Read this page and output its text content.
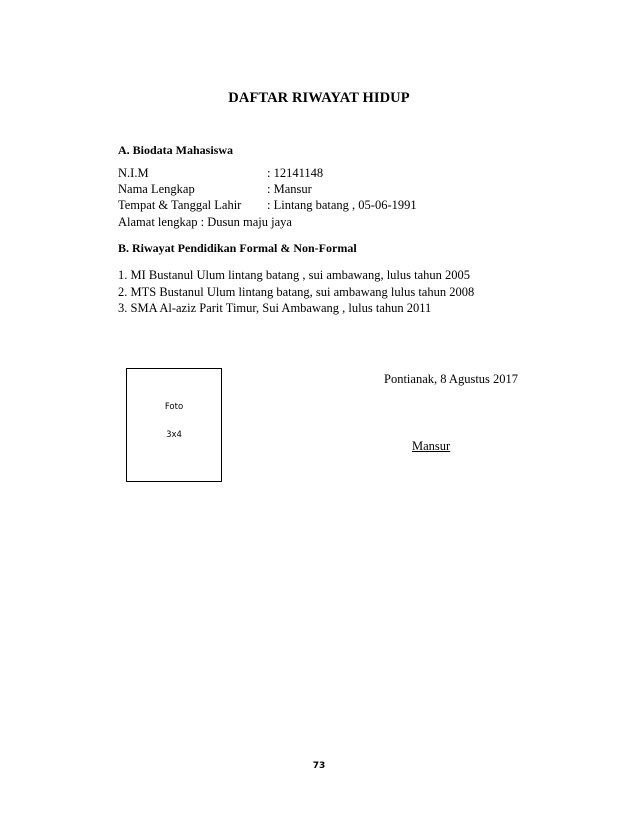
DAFTAR RIWAYAT HIDUP
A. Biodata Mahasiswa
N.I.M	: 12141148
Nama Lengkap	: Mansur
Tempat & Tanggal Lahir : Lintang batang , 05-06-1991
Alamat lengkap : Dusun maju jaya
B. Riwayat Pendidikan Formal & Non-Formal
1. MI Bustanul Ulum lintang batang , sui ambawang, lulus tahun 2005
2. MTS Bustanul Ulum lintang batang, sui ambawang lulus tahun 2008
3. SMA Al-aziz Parit Timur, Sui Ambawang , lulus tahun 2011
Foto
3x4
Pontianak, 8 Agustus 2017
Mansur
73
